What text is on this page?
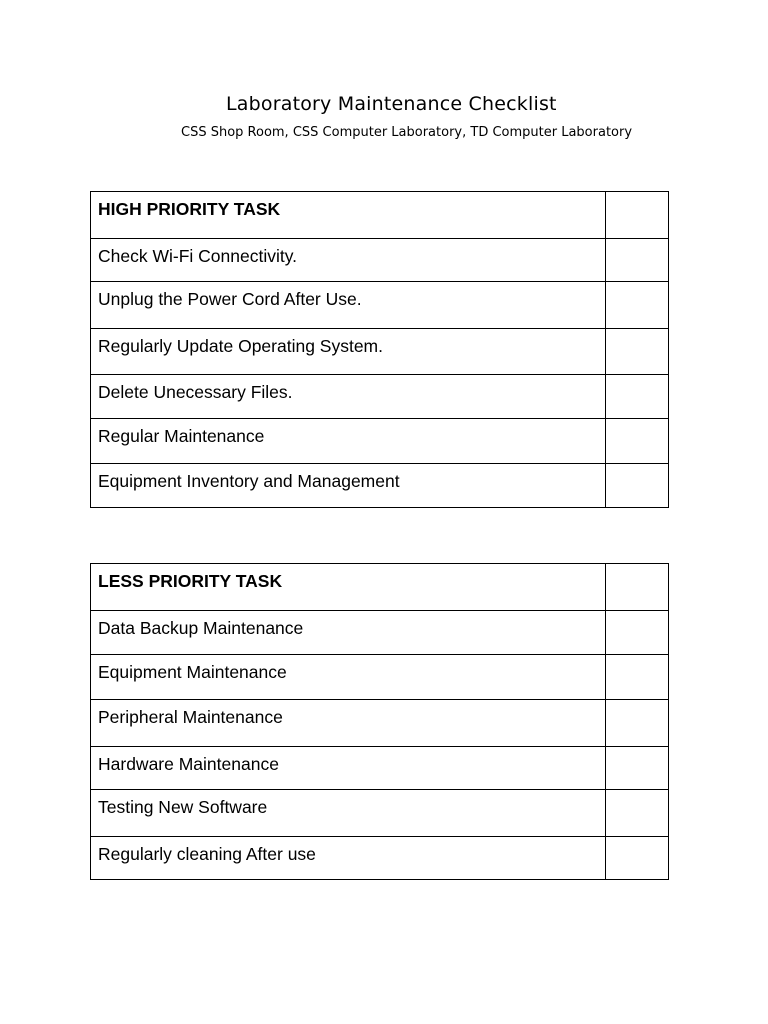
Laboratory Maintenance Checklist
CSS Shop Room, CSS Computer Laboratory, TD Computer Laboratory
HIGH PRIORITY TASK	
Check Wi-Fi Connectivity.	
Unplug the Power Cord After Use.	
Regularly Update Operating System.	
Delete Unecessary Files.	
Regular Maintenance	
Equipment Inventory and Management	
LESS PRIORITY TASK	
Data Backup Maintenance	
Equipment Maintenance	
Peripheral Maintenance	
Hardware Maintenance	
Testing New Software	
Regularly cleaning After use	
